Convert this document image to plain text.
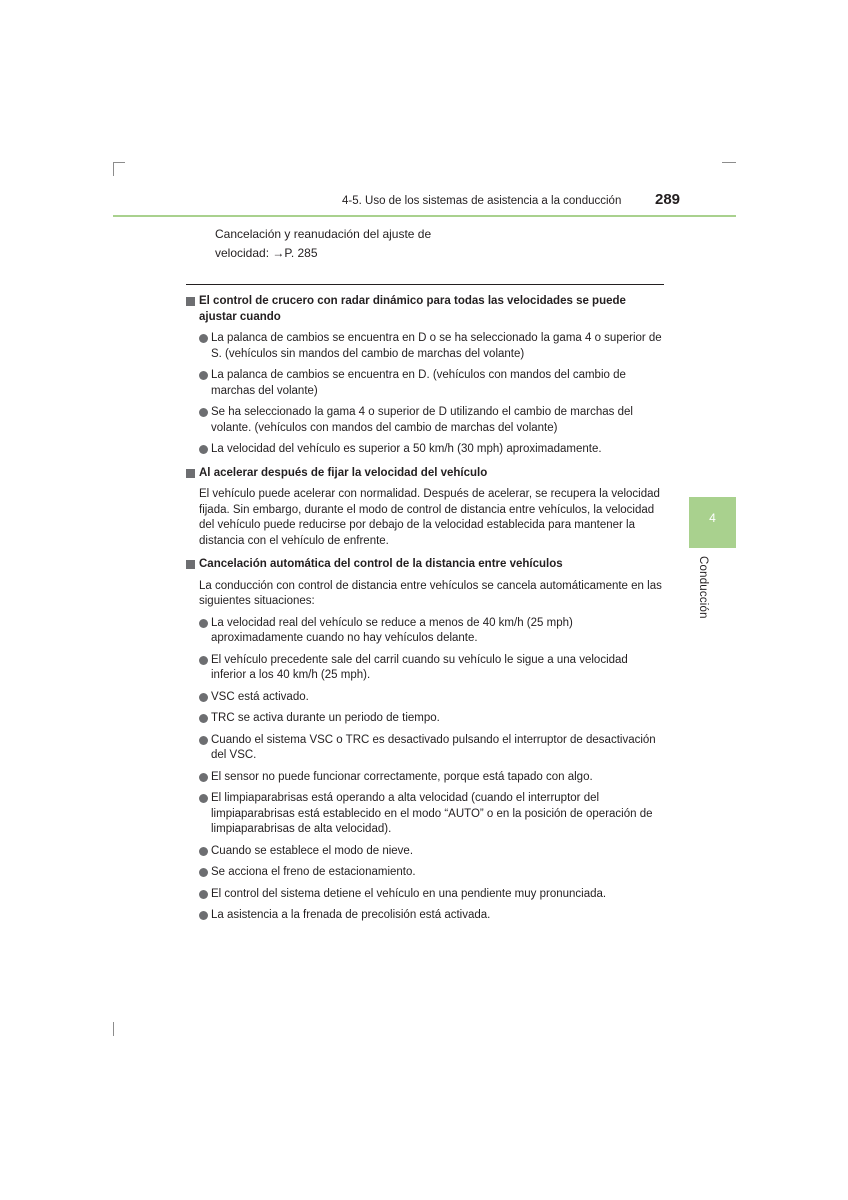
4-5. Uso de los sistemas de asistencia a la conducción 289
4
Conducción
Cancelación y reanudación del ajuste de
velocidad: →P. 285
El control de crucero con radar dinámico para todas las velocidades se puede ajustar cuando
La palanca de cambios se encuentra en D o se ha seleccionado la gama 4 o superior de S. (vehículos sin mandos del cambio de marchas del volante)
La palanca de cambios se encuentra en D. (vehículos con mandos del cambio de marchas del volante)
Se ha seleccionado la gama 4 o superior de D utilizando el cambio de marchas del volante. (vehículos con mandos del cambio de marchas del volante)
La velocidad del vehículo es superior a 50 km/h (30 mph) aproximadamente.
Al acelerar después de fijar la velocidad del vehículo

El vehículo puede acelerar con normalidad. Después de acelerar, se recupera la velocidad fijada. Sin embargo, durante el modo de control de distancia entre vehículos, la velocidad del vehículo puede reducirse por debajo de la velocidad establecida para mantener la distancia con el vehículo de enfrente.

Cancelación automática del control de la distancia entre vehículos

La conducción con control de distancia entre vehículos se cancela automáticamente en las siguientes situaciones:

La velocidad real del vehículo se reduce a menos de 40 km/h (25 mph) aproximadamente cuando no hay vehículos delante.
El vehículo precedente sale del carril cuando su vehículo le sigue a una velocidad inferior a los 40 km/h (25 mph).
VSC está activado.
TRC se activa durante un periodo de tiempo.
Cuando el sistema VSC o TRC es desactivado pulsando el interruptor de desactivación del VSC.
El sensor no puede funcionar correctamente, porque está tapado con algo.
El limpiaparabrisas está operando a alta velocidad (cuando el interruptor del limpiaparabrisas está establecido en el modo “AUTO” o en la posición de operación de limpiaparabrisas de alta velocidad).
Cuando se establece el modo de nieve.
Se acciona el freno de estacionamiento.
El control del sistema detiene el vehículo en una pendiente muy pronunciada.
La asistencia a la frenada de precolisión está activada.
